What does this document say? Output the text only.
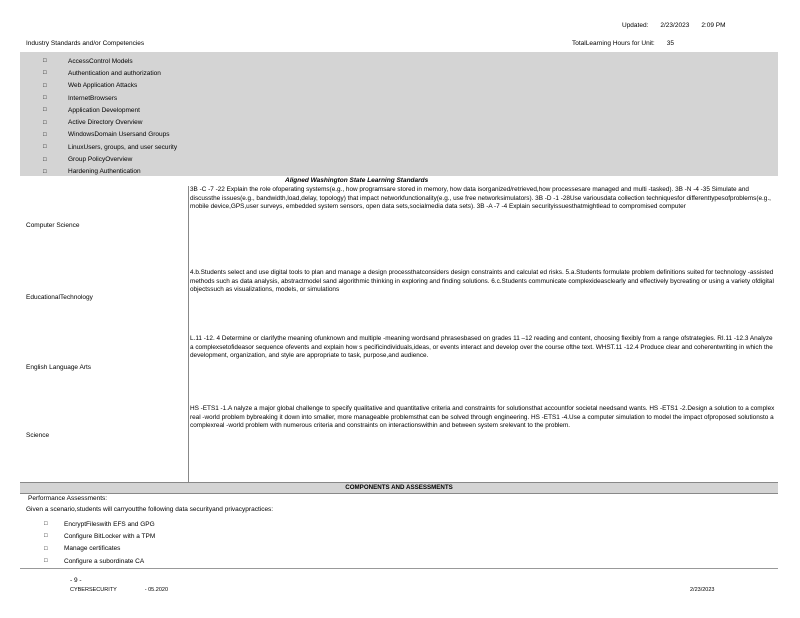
Updated: 2/23/2023 2:09 PM
Industry Standards and/or Competencies	TotalLearning Hours for Unit: 35
□	AccessControl Models
□	Authentication and authorization
□	Web Application Attacks
□	InternetBrowsers
□	Application Development
□	Active Directory Overview
□	WindowsDomain Usersand Groups
□	LinuxUsers, groups, and user security
□	Group PolicyOverview
□	Hardening Authentication
Aligned Washington State Learning Standards
Computer Science
3B -C -7 -22 Explain the role ofoperating systems(e.g., how programsare stored in memory, how data isorganized/retrieved,how processesare managed and multi -tasked). 3B -N -4 -35 Simulate and discussthe issues(e.g., bandwidth,load,delay, topology) that impact networkfunctionality(e.g., use free networksimulators). 3B -D -1 -28Use variousdata collection techniquesfor differenttypesofproblems(e.g., mobile device,GPS,user surveys, embedded system sensors, open data sets,socialmedia data sets). 3B -A -7 -4 Explain securityissuesthatmightlead to compromised computer
EducationalTechnology
4.b.Students select and use digital tools to plan and manage a design processthatconsiders design constraints and calculat ed risks. 5.a.Students formulate problem definitions suited for technology -assisted methods such as data analysis, abstractmodel sand algorithmic thinking in exploring and finding solutions. 6.c.Students communicate complexideasclearly and effectively bycreating or using a variety ofdigital objectssuch as visualizations, models, or simulations
English Language Arts
L.11 -12. 4 Determine or clarifythe meaning ofunknown and multiple -meaning wordsand phrasesbased on grades 11 –12 reading and content, choosing flexibly from a range ofstrategies. RI.11 -12.3 Analyze a complexsetofideasor sequence ofevents and explain how s pecificindividuals,ideas, or events interact and develop over the course ofthe text. WHST.11 -12.4 Produce clear and coherentwriting in which the development, organization, and style are appropriate to task, purpose,and audience.
Science
HS -ETS1 -1.A nalyze a major global challenge to specify qualitative and quantitative criteria and constraints for solutionsthat accountfor societal needsand wants. HS -ETS1 -2.Design a solution to a complex real -world problem bybreaking it down into smaller, more manageable problemsthat can be solved through engineering. HS -ETS1 -4.Use a computer simulation to model the impact ofproposed solutionsto a complexreal -world problem with numerous criteria and constraints on interactionswithin and between system srelevant to the problem.
COMPONENTS AND ASSESSMENTS
Performance Assessments:
Given a scenario,students will carryoutthe following data securityand privacypractices:
□	EncryptFileswith EFS and GPG
□	Configure BitLocker with a TPM
□	Manage certificates
□	Configure a subordinate CA
- 9 -
CYBERSECURITY	- 05.2020	2/23/2023
